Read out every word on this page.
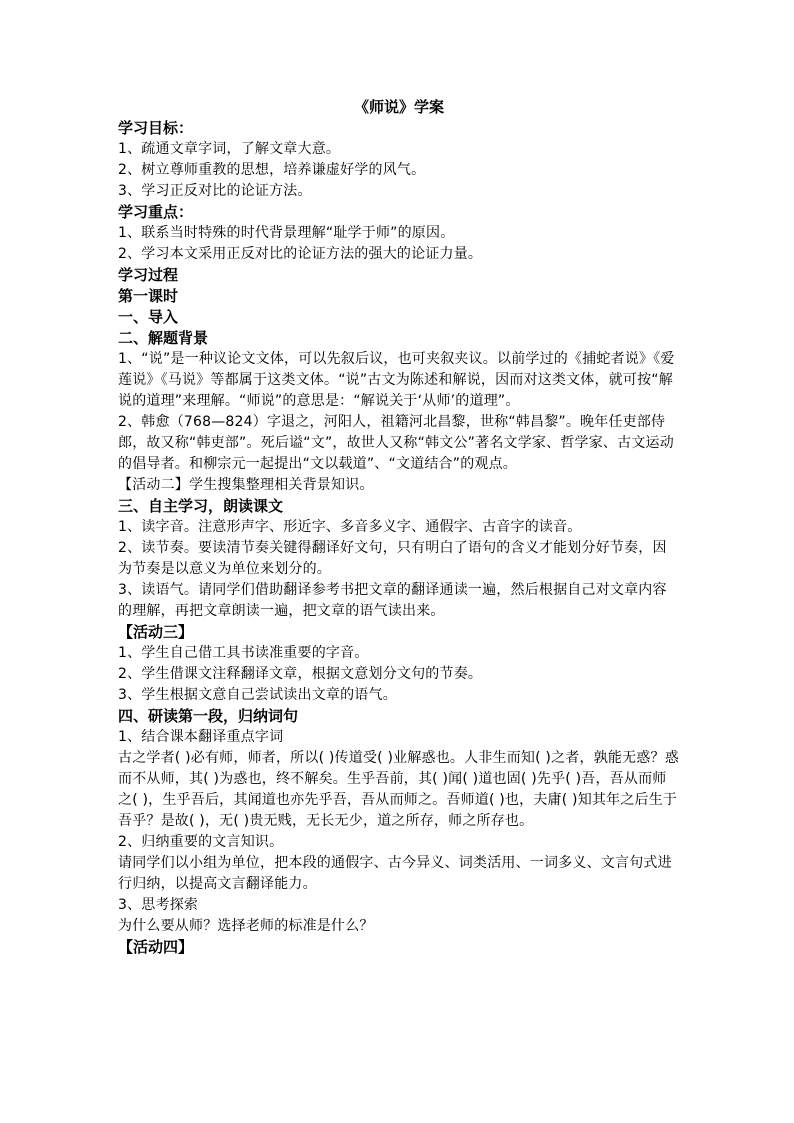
《师说》学案

学习目标：

1、疏通文章字词，了解文章大意。

2、树立尊师重教的思想，培养谦虚好学的风气。

3、学习正反对比的论证方法。

学习重点：

1、联系当时特殊的时代背景理解“耻学于师”的原因。

2、学习本文采用正反对比的论证方法的强大的论证力量。

学习过程

第一课时

一、导入

二、解题背景

1、“说”是一种议论文文体，可以先叙后议，也可夹叙夹议。以前学过的《捕蛇者说》《爱莲说》《马说》等都属于这类文体。“说”古文为陈述和解说，因而对这类文体，就可按“解说的道理”来理解。“师说”的意思是：“解说关于‘从师’的道理”。

2、韩愈（768—824）字退之，河阳人，祖籍河北昌黎，世称“韩昌黎”。晚年任吏部侍郎，故又称“韩吏部”。死后谥“文”，故世人又称“韩文公”著名文学家、哲学家、古文运动的倡导者。和柳宗元一起提出“文以载道”、“文道结合”的观点。

【活动二】学生搜集整理相关背景知识。

三、自主学习，朗读课文

1、读字音。注意形声字、形近字、多音多义字、通假字、古音字的读音。

2、读节奏。要读清节奏关键得翻译好文句，只有明白了语句的含义才能划分好节奏，因为节奏是以意义为单位来划分的。

3、读语气。请同学们借助翻译参考书把文章的翻译通读一遍，然后根据自己对文章内容的理解，再把文章朗读一遍，把文章的语气读出来。

【活动三】

1、学生自己借工具书读准重要的字音。

2、学生借课文注释翻译文章，根据文意划分文句的节奏。

3、学生根据文意自己尝试读出文章的语气。

四、研读第一段，归纳词句

1、结合课本翻译重点字词

古之学者( )必有师，师者，所以( )传道受( )业解惑也。人非生而知( )之者，孰能无惑？惑而不从师，其( )为惑也，终不解矣。生乎吾前，其( )闻( )道也固( )先乎( )吾，吾从而师之( )，生乎吾后，其闻道也亦先乎吾，吾从而师之。吾师道( )也，夫庸( )知其年之后生于吾乎？是故( )，无( )贵无贱，无长无少，道之所存，师之所存也。

2、归纳重要的文言知识。

请同学们以小组为单位，把本段的通假字、古今异义、词类活用、一词多义、文言句式进行归纳，以提高文言翻译能力。

3、思考探索

为什么要从师？选择老师的标准是什么？

【活动四】
